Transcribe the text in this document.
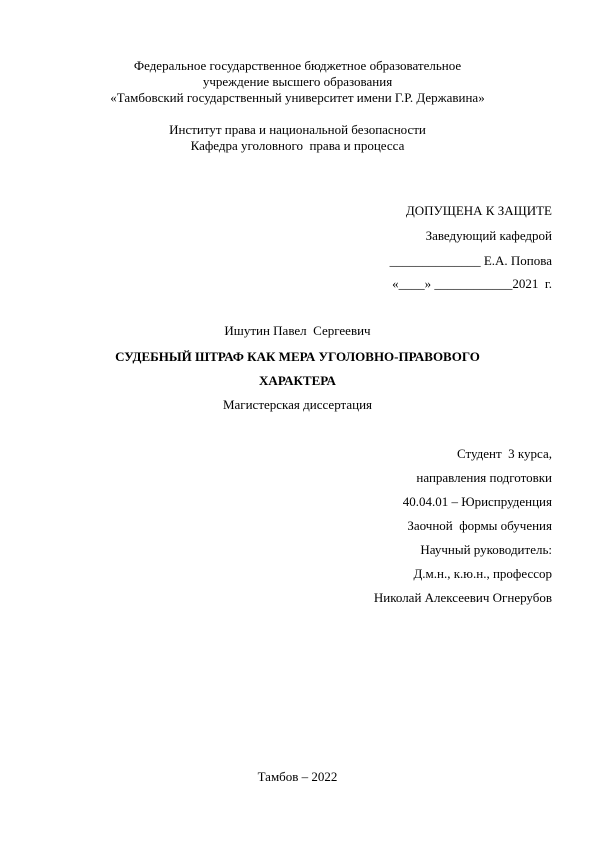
Федеральное государственное бюджетное образовательное
учреждение высшего образования
«Тамбовский государственный университет имени Г.Р. Державина»
Институт права и национальной безопасности
Кафедра уголовного  права и процесса
ДОПУЩЕНА К ЗАЩИТЕ
Заведующий кафедрой
______________ Е.А. Попова
«____» ____________2021  г.
Ишутин Павел  Сергеевич
СУДЕБНЫЙ ШТРАФ КАК МЕРА УГОЛОВНО-ПРАВОВОГО
ХАРАКТЕРА
Магистерская диссертация
Студент  3 курса,
направления подготовки
40.04.01 – Юриспруденция
Заочной  формы обучения
Научный руководитель:
Д.м.н., к.ю.н., профессор
Николай Алексеевич Огнерубов
Тамбов – 2022
